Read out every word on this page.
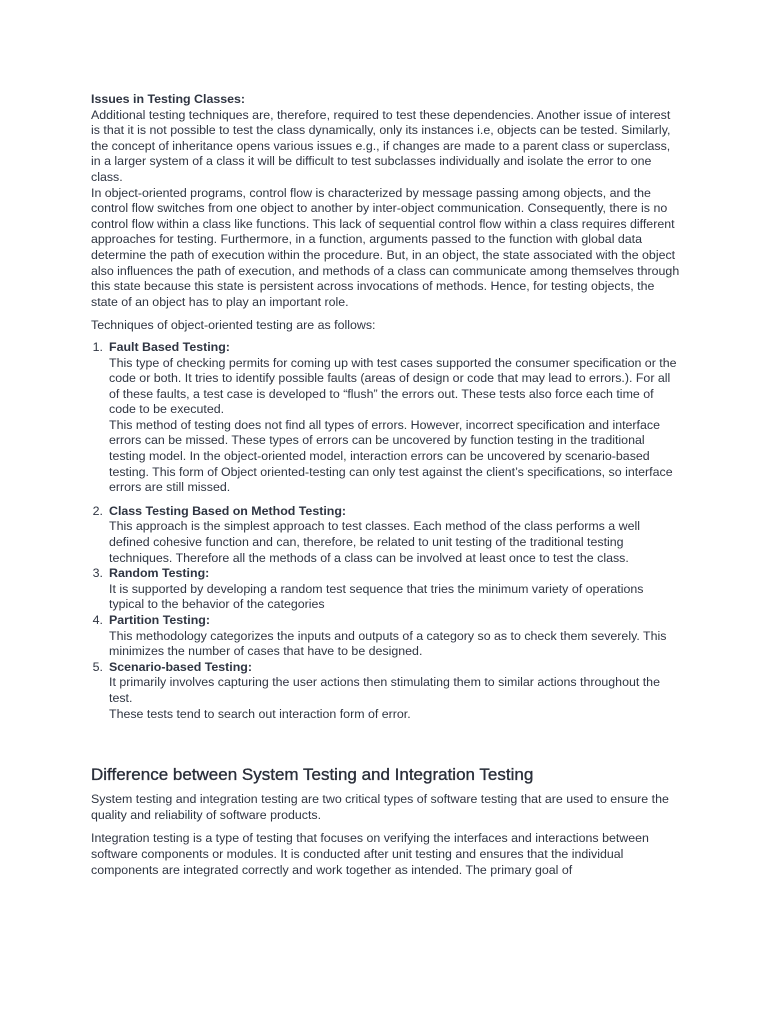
Issues in Testing Classes:

Additional testing techniques are, therefore, required to test these dependencies. Another issue of interest is that it is not possible to test the class dynamically, only its instances i.e, objects can be tested. Similarly, the concept of inheritance opens various issues e.g., if changes are made to a parent class or superclass, in a larger system of a class it will be difficult to test subclasses individually and isolate the error to one class.

In object-oriented programs, control flow is characterized by message passing among objects, and the control flow switches from one object to another by inter-object communication. Consequently, there is no control flow within a class like functions. This lack of sequential control flow within a class requires different approaches for testing. Furthermore, in a function, arguments passed to the function with global data determine the path of execution within the procedure. But, in an object, the state associated with the object also influences the path of execution, and methods of a class can communicate among themselves through this state because this state is persistent across invocations of methods. Hence, for testing objects, the state of an object has to play an important role.

Techniques of object-oriented testing are as follows:

1. Fault Based Testing:
This type of checking permits for coming up with test cases supported the consumer specification or the code or both. It tries to identify possible faults (areas of design or code that may lead to errors.). For all of these faults, a test case is developed to “flush” the errors out. These tests also force each time of code to be executed.
This method of testing does not find all types of errors. However, incorrect specification and interface errors can be missed. These types of errors can be uncovered by function testing in the traditional testing model. In the object-oriented model, interaction errors can be uncovered by scenario-based testing. This form of Object oriented-testing can only test against the client’s specifications, so interface errors are still missed.
2. Class Testing Based on Method Testing:
This approach is the simplest approach to test classes. Each method of the class performs a well defined cohesive function and can, therefore, be related to unit testing of the traditional testing techniques. Therefore all the methods of a class can be involved at least once to test the class.
3. Random Testing:
It is supported by developing a random test sequence that tries the minimum variety of operations typical to the behavior of the categories
4. Partition Testing:
This methodology categorizes the inputs and outputs of a category so as to check them severely. This minimizes the number of cases that have to be designed.
5. Scenario-based Testing:
It primarily involves capturing the user actions then stimulating them to similar actions throughout the test.
These tests tend to search out interaction form of error.
Difference between System Testing and Integration Testing

System testing and integration testing are two critical types of software testing that are used to ensure the quality and reliability of software products.

Integration testing is a type of testing that focuses on verifying the interfaces and interactions between software components or modules. It is conducted after unit testing and ensures that the individual components are integrated correctly and work together as intended. The primary goal of
